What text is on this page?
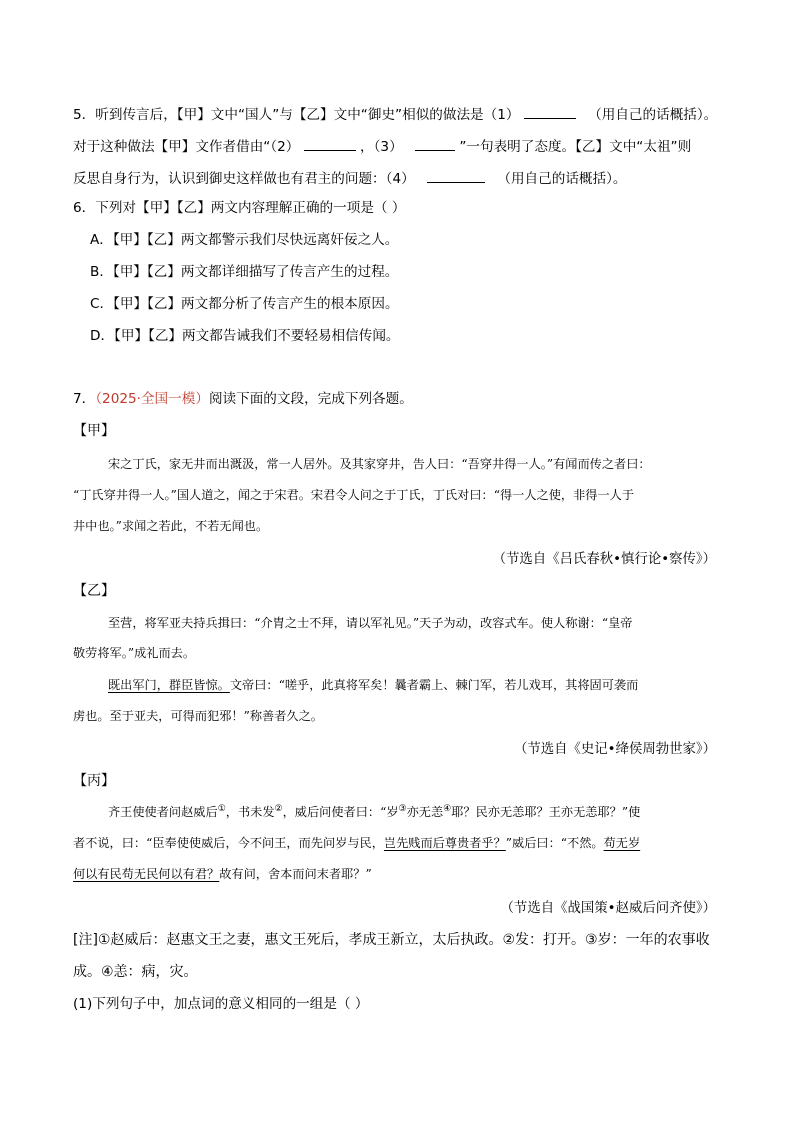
5．听到传言后，【甲】文中“国人”与【乙】文中“御史”相似的做法是（1）	（用自己的话概括）。
对于这种做法【甲】文作者借由“（2）	，（3）	”一句表明了态度。【乙】文中“太祖”则
反思自身行为，认识到御史这样做也有君主的问题：（4）	（用自己的话概括）。
6．下列对【甲】【乙】两文内容理解正确的一项是（ ）
A．【甲】【乙】两文都警示我们尽快远离奸佞之人。
B．【甲】【乙】两文都详细描写了传言产生的过程。
C．【甲】【乙】两文都分析了传言产生的根本原因。
D．【甲】【乙】两文都告诫我们不要轻易相信传闻。
7．（2025·全国一模）阅读下面的文段，完成下列各题。
【甲】
宋之丁氏，家无井而出溉汲，常一人居外。及其家穿井，告人曰：“吾穿井得一人。”有闻而传之者曰：
“丁氏穿井得一人。”国人道之，闻之于宋君。宋君令人问之于丁氏，丁氏对曰：“得一人之使，非得一人于
井中也。”求闻之若此，不若无闻也。
（节选自《吕氏春秋•慎行论•察传》）
【乙】
至营，将军亚夫持兵揖曰：“介胄之士不拜，请以军礼见。”天子为动，改容式车。使人称谢：“皇帝
敬劳将军。”成礼而去。
既出军门，群臣皆惊。文帝曰：“嗟乎，此真将军矣！曩者霸上、棘门军，若儿戏耳，其将固可袭而
虏也。至于亚夫，可得而犯邪！”称善者久之。
（节选自《史记•绛侯周勃世家》）
【丙】
齐王使使者问赵威后①，书未发②，威后问使者曰：“岁③亦无恙④耶？民亦无恙耶？王亦无恙耶？”使
者不说，曰：“臣奉使使威后，今不问王，而先问岁与民，岂先贱而后尊贵者乎？”威后曰：“不然。苟无岁
何以有民苟无民何以有君？故有问，舍本而问末者耶？”
（节选自《战国策•赵威后问齐使》）
[注]①赵威后：赵惠文王之妻，惠文王死后，孝成王新立，太后执政。②发：打开。③岁：一年的农事收
成。④恙：病，灾。
(1)下列句子中，加点词的意义相同的一组是（ ）
